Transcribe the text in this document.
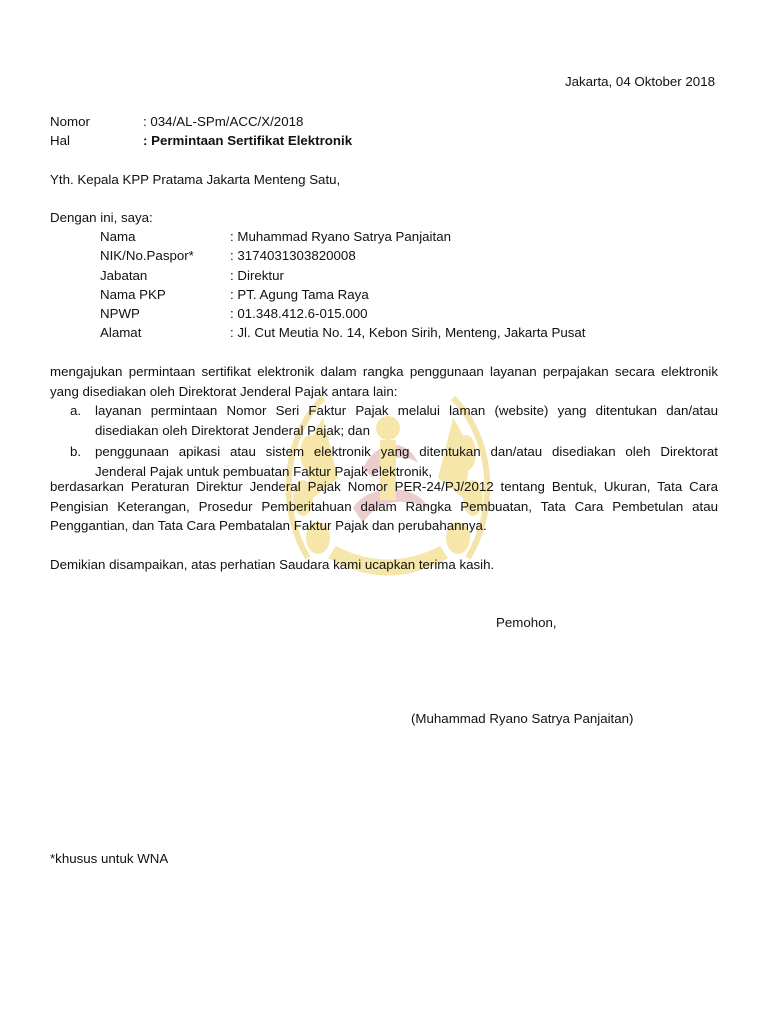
Jakarta, 04 Oktober 2018
Nomor	: 034/AL-SPm/ACC/X/2018
Hal	: Permintaan Sertifikat Elektronik
Yth. Kepala KPP Pratama Jakarta Menteng Satu,
Dengan ini, saya:
Nama	: Muhammad Ryano Satrya Panjaitan
NIK/No.Paspor*	: 3174031303820008
Jabatan	: Direktur
Nama PKP	: PT. Agung Tama Raya
NPWP	: 01.348.412.6-015.000
Alamat	: Jl. Cut Meutia No. 14, Kebon Sirih, Menteng, Jakarta Pusat
mengajukan permintaan sertifikat elektronik dalam rangka penggunaan layanan perpajakan secara elektronik
yang disediakan oleh Direktorat Jenderal Pajak antara lain:
a. layanan permintaan Nomor Seri Faktur Pajak melalui laman (website) yang ditentukan dan/atau
disediakan oleh Direktorat Jenderal Pajak; dan
b. penggunaan apikasi atau sistem elektronik yang ditentukan dan/atau disediakan oleh Direktorat
Jenderal Pajak untuk pembuatan Faktur Pajak elektronik,
berdasarkan Peraturan Direktur Jenderal Pajak Nomor PER-24/PJ/2012 tentang Bentuk, Ukuran, Tata Cara
Pengisian Keterangan, Prosedur Pemberitahuan dalam Rangka Pembuatan, Tata Cara Pembetulan atau
Penggantian, dan Tata Cara Pembatalan Faktur Pajak dan perubahannya.
Demikian disampaikan, atas perhatian Saudara kami ucapkan terima kasih.
Pemohon,
(Muhammad Ryano Satrya Panjaitan)
*khusus untuk WNA
